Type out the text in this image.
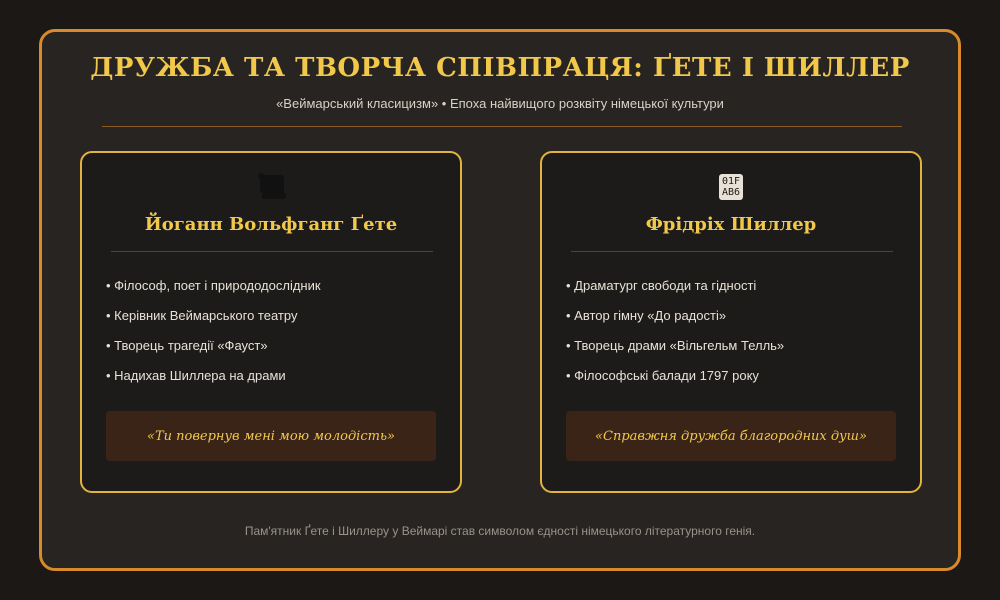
ДРУЖБА ТА ТВОРЧА СПІВПРАЦЯ: ҐЕТЕ І ШИЛЛЕР

«Веймарський класицизм» • Епоха найвищого розквіту німецької культури

Йоганн Вольфганг Ґете
• Філософ, поет і природодослідник
• Керівник Веймарського театру
• Творець трагедії «Фауст»
• Надихав Шиллера на драми
«Ти повернув мені мою молодість»
01F
AB6
Фрідріх Шиллер
• Драматург свободи та гідності
• Автор гімну «До радості»
• Творець драми «Вільгельм Телль»
• Філософські балади 1797 року
«Справжня дружба благородних душ»

Пам'ятник Ґете і Шиллеру у Веймарі став символом єдності німецького літературного генія.
